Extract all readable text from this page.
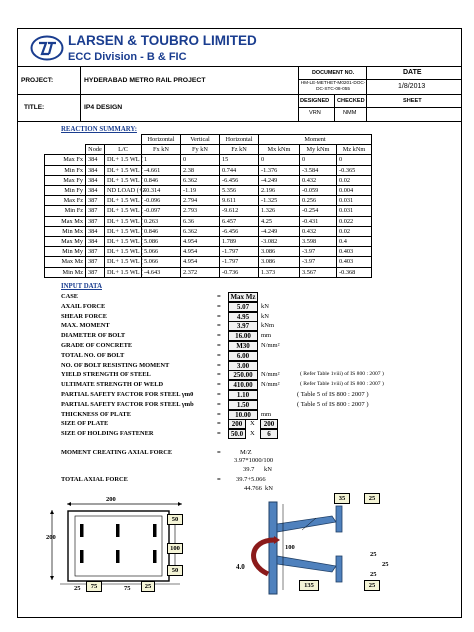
LARSEN & TOUBRO LIMITED
ECC Division - B & FIC
PROJECT:	HYDERABAD METRO RAIL PROJECT
TITLE:	IP4 DESIGN
DOCUMENT NO.	DATE
HM-LE-METHET-M0201-DOC-DC-STC-08-055	1/8/2013
DESIGNED CHECKED	SHEET
VRN	NMM
REACTION SUMMARY:
			Horizontal	Vertical	Horizontal	Moment		
	Node	L/C	Fx kN	Fy kN	Fz kN	Mx kNm	My kNm	Mz kNm
Max Fx	384	DL+ 1.5 WL (	1	0	15	0	0	0
Min Fx	384	DL+ 1.5 WL (	-4.661	2.38	0.744	-1.376	-3.584	-0.365
Max Fy	384	DL+ 1.5 WL (	0.846	6.362	-6.456	-4.249	0.432	0.02
Min Fy	384	ND LOAD (+Z	-0.314	-1.19	5.356	2.196	-0.059	0.004
Max Fz	387	DL+ 1.5 WL (	-0.096	2.794	9.611	-1.325	0.256	0.031
Min Fz	387	DL+ 1.5 WL (	-0.097	2.793	-9.612	1.326	-0.254	0.031
Max Mx	387	DL+ 1.5 WL (	0.263	6.36	6.457	4.25	-0.431	0.022
Min Mx	384	DL+ 1.5 WL (	0.846	6.362	-6.456	-4.249	0.432	0.02
Max My	384	DL+ 1.5 WL (	5.086	4.954	1.789	-3.082	3.598	0.4
Min My	387	DL+ 1.5 WL (	5.066	4.954	-1.797	3.086	-3.97	0.403
Max Mz	387	DL+ 1.5 WL (	5.066	4.954	-1.797	3.086	-3.97	0.403
Min Mz	387	DL+ 1.5 WL (	-4.643	2.372	-0.736	1.373	3.567	-0.368
INPUT DATA
CASE	=	Max Mz
AXAIL FORCE	=	5.07	kN
SHEAR FORCE	=	4.95	kN
MAX. MOMENT	=	3.97	kNm
DIAMETER OF BOLT	=	16.00	mm
GRADE OF CONCRETE	=	M30	N/mm²
TOTAL NO. OF BOLT	=	6.00
NO. OF BOLT RESISTING MOMENT	=	3.00
YIELD STRENGTH OF STEEL	=	250.00	N/mm²	( Refer Table 1viii) of IS 800 : 2007 )
ULTIMATE STRENGTH OF WELD	=	410.00	N/mm²	( Refer Table 1viii) of IS 800 : 2007 )
PARTIAL SAFETY FACTOR FOR STEEL γm0	=	1.10	( Table 5 of IS 800 : 2007 )
PARTIAL SAFETY FACTOR FOR STEEL γmb	=	1.50	( Table 5 of IS 800 : 2007 )
THICKNESS OF PLATE	=	10.00	mm
SIZE OF PLATE	=	200	X	200
SIZE OF HOLDING FASTENER	=	50.0	X	6
MOMENT CREATING AXIAL FORCE	=	M/Z
3.97*1000/100
39.7 kN
TOTAL AXIAL FORCE	= 39.7+5.066
44.766 kN
200
200
50
100
50
25	75	75	25
35	25
100
4.0
25
25
25
135	25
